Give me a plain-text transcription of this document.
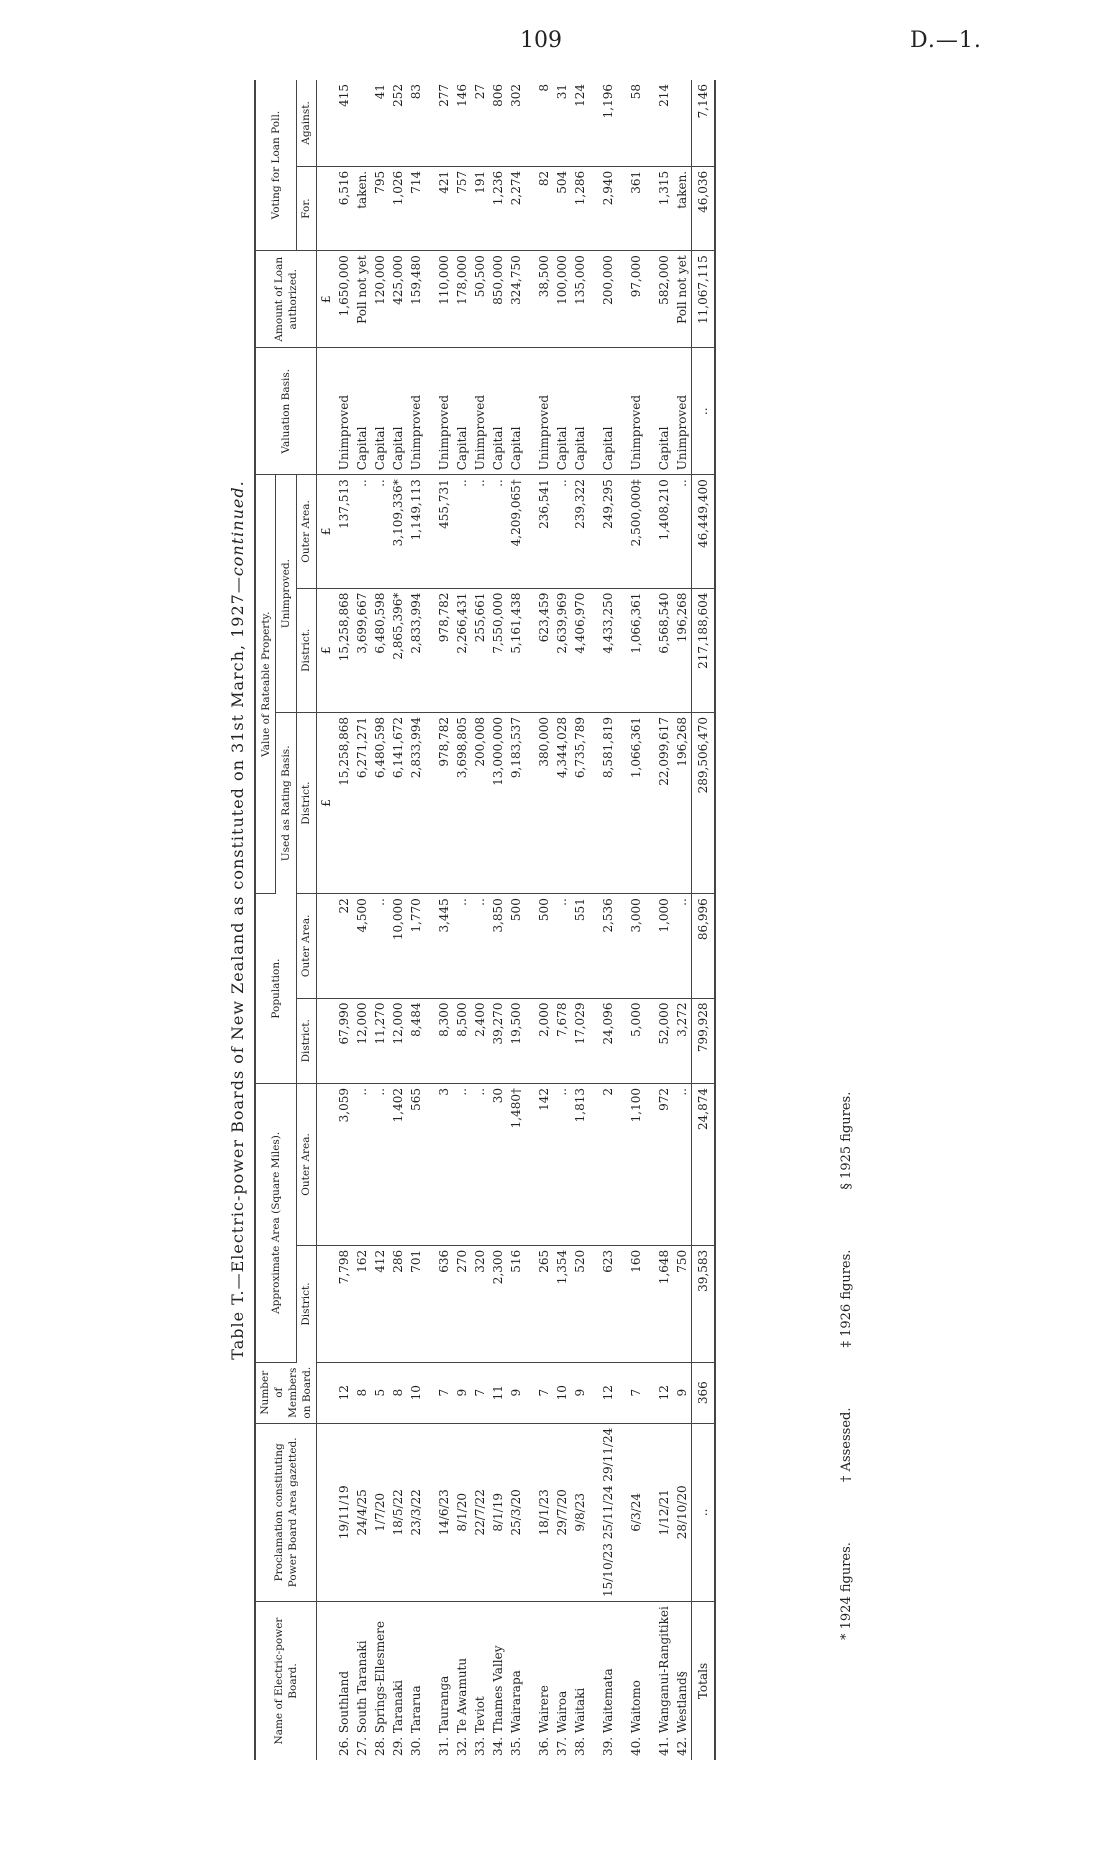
109	D.—1.
Table T.—Electric-power Boards of New Zealand as constituted on 31st March, 1927—continued.
Name of Electric-power Board.	Proclamation constituting Power Board Area gazetted.	Number of Members on Board.	Approximate Area (Square Miles).		Population.		Value of Rateable Property.			Valuation Basis.	Amount of Loan authorized.	Voting for Loan Poll.	
							Used as Rating Basis.	Unimproved.					
			District.	Outer Area.	District.	Outer Area.	District.	District.	Outer Area.			For.	Against.
							£	£	£		£		
26. Southland	19/11/19	12	7,798	3,059	67,990	22	15,258,868	15,258,868	137,513	Unimproved	1,650,000	6,516	415
27. South Taranaki	24/4/25	8	162	..	12,000	4,500	6,271,271	3,699,667	..	Capital	Poll not yet	taken.	
28. Springs-Ellesmere	1/7/20	5	412	..	11,270	..	6,480,598	6,480,598	..	Capital	120,000	795	41
29. Taranaki	18/5/22	8	286	1,402	12,000	10,000	6,141,672	2,865,396*	3,109,336*	Capital	425,000	1,026	252
30. Tararua	23/3/22	10	701	565	8,484	1,770	2,833,994	2,833,994	1,149,113	Unimproved	159,480	714	83
31. Tauranga	14/6/23	7	636	3	8,300	3,445	978,782	978,782	455,731	Unimproved	110,000	421	277
32. Te Awamutu	8/1/20	9	270	..	8,500	..	3,698,805	2,266,431	..	Capital	178,000	757	146
33. Teviot	22/7/22	7	320	..	2,400	..	200,008	255,661	..	Unimproved	50,500	191	27
34. Thames Valley	8/1/19	11	2,300	30	39,270	3,850	13,000,000	7,550,000	..	Capital	850,000	1,236	806
35. Wairarapa	25/3/20	9	516	1,480†	19,500	500	9,183,537	5,161,438	4,209,065†	Capital	324,750	2,274	302
36. Wairere	18/1/23	7	265	142	2,000	500	380,000	623,459	236,541	Unimproved	38,500	82	8
37. Wairoa	29/7/20	10	1,354	..	7,678	..	4,344,028	2,639,969	..	Capital	100,000	504	31
38. Waitaki	9/8/23	9	520	1,813	17,029	551	6,735,789	4,406,970	239,322	Capital	135,000	1,286	124
39. Waitemata	15/10/23 25/11/24 29/11/24	12	623	2	24,096	2,536	8,581,819	4,433,250	249,295	Capital	200,000	2,940	1,196
40. Waitomo	6/3/24	7	160	1,100	5,000	3,000	1,066,361	1,066,361	2,500,000‡	Unimproved	97,000	361	58
41. Wanganui-Rangitikei	1/12/21	12	1,648	972	52,000	1,000	22,099,617	6,568,540	1,408,210	Capital	582,000	1,315	214
42. Westland§	28/10/20	9	750	..	3,272	..	196,268	196,268	..	Unimproved	Poll not yet	taken.	
Totals	..	366	39,583	24,874	799,928	86,996	289,506,470	217,188,604	46,449,400	..	11,067,115	46,036	7,146
* 1924 figures.
† Assessed.
‡ 1926 figures.
§ 1925 figures.
